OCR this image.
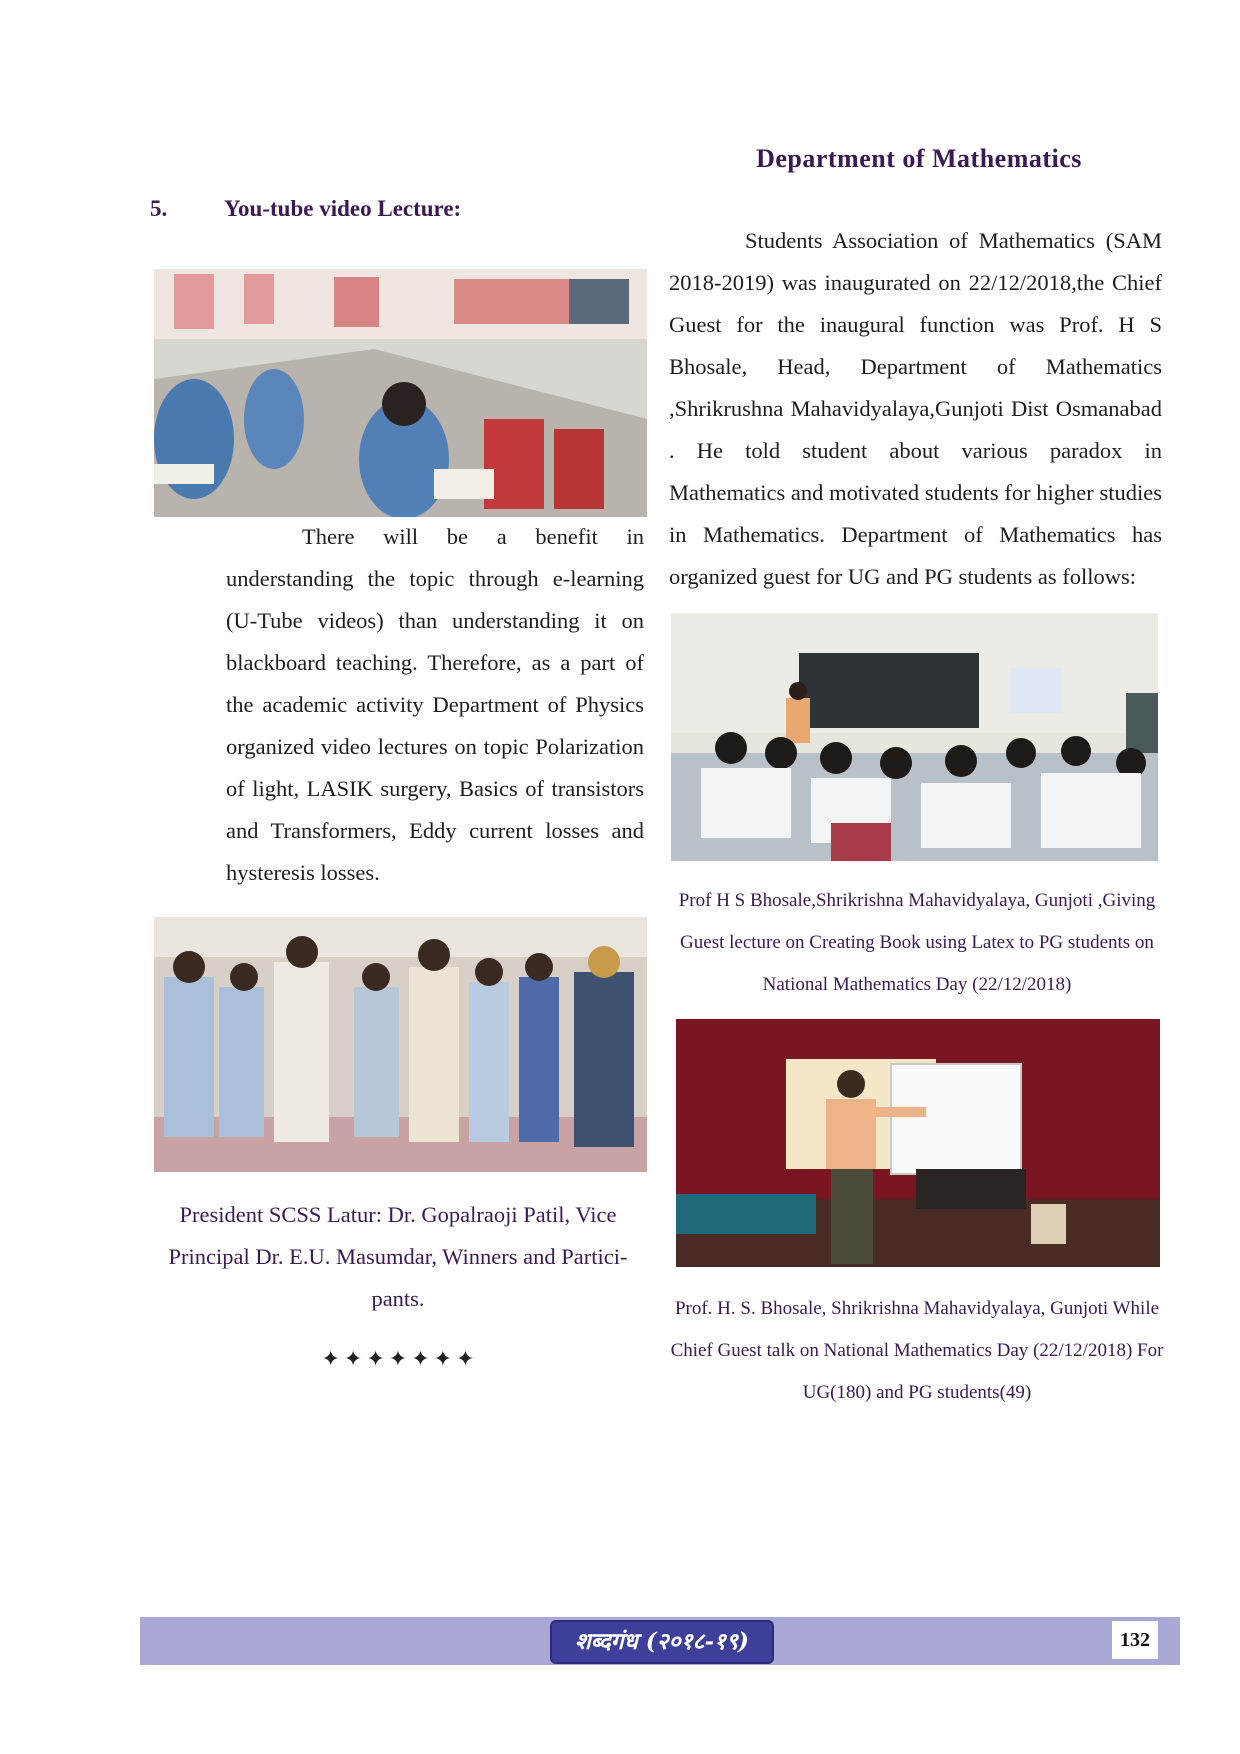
5. You-tube video Lecture:

There will be a benefit in understanding the topic through e-learning (U-Tube videos) than understanding it on blackboard teaching. Therefore, as a part of the academic activity Department of Physics organized video lectures on topic Polarization of light, LASIK surgery, Basics of transistors and Transformers, Eddy current losses and hysteresis losses.

President SCSS Latur: Dr. Gopalraoji Patil, Vice Principal Dr. E.U. Masumdar, Winners and Partici-pants.

✦✦✦✦✦✦✦
Department of Mathematics

Students Association of Mathematics (SAM 2018-2019) was inaugurated on 22/12/2018,the Chief Guest for the inaugural function was Prof. H S Bhosale, Head, Department of Mathematics ,Shrikrushna Mahavidyalaya,Gunjoti Dist Osmanabad . He told student about various paradox in Mathematics and motivated students for higher studies in Mathematics. Department of Mathematics has organized guest for UG and PG students as follows:

Prof H S Bhosale,Shrikrishna Mahavidyalaya, Gunjoti ,Giving Guest lecture on Creating Book using Latex to PG students on National Mathematics Day (22/12/2018)

Prof. H. S. Bhosale, Shrikrishna Mahavidyalaya, Gunjoti While Chief Guest talk on National Mathematics Day (22/12/2018) For UG(180) and PG students(49)

शब्दगंध (२०१८-१९)	132
